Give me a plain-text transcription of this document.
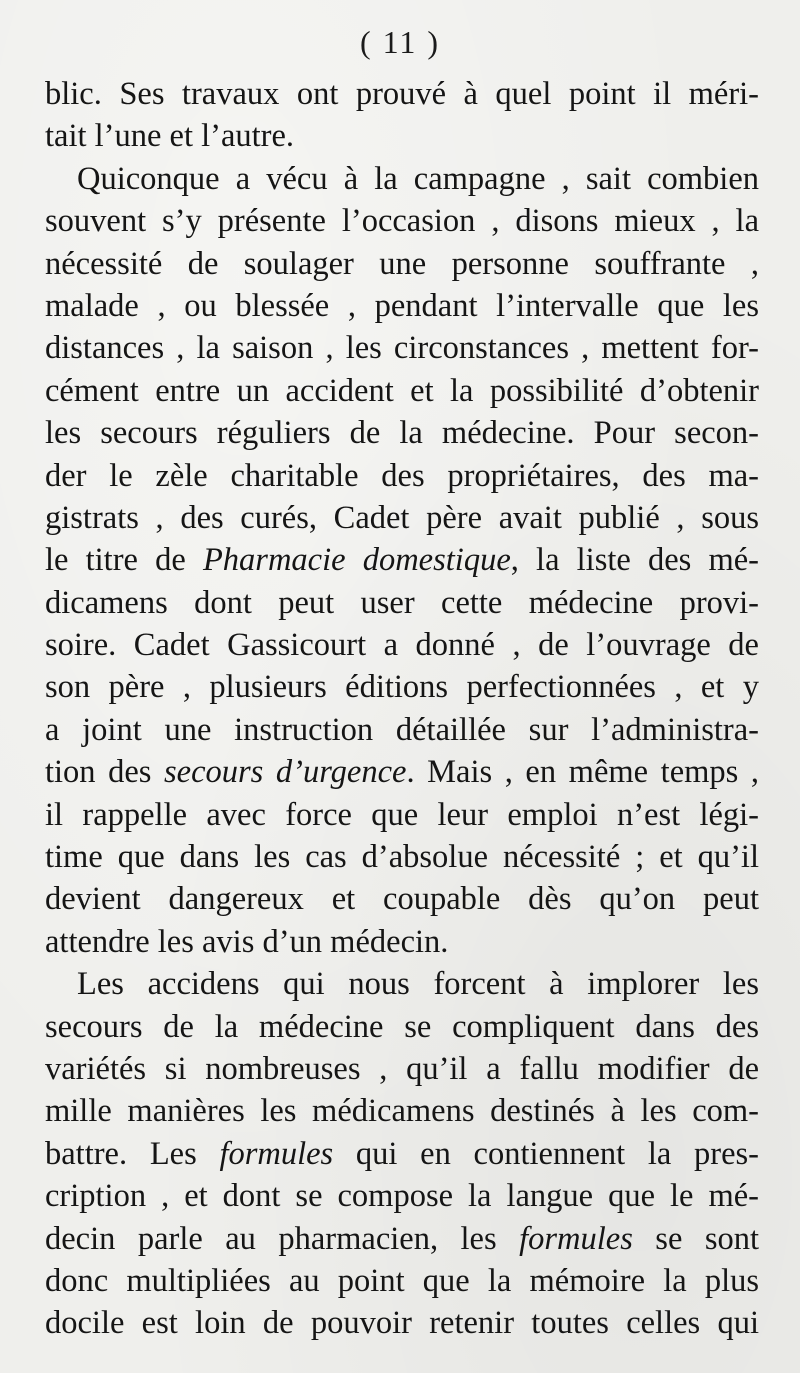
( 11 )
blic. Ses travaux ont prouvé à quel point il méri-
tait l’une et l’autre.
Quiconque a vécu à la campagne , sait combien
souvent s’y présente l’occasion , disons mieux , la
nécessité de soulager une personne souffrante ,
malade , ou blessée , pendant l’intervalle que les
distances , la saison , les circonstances , mettent for-
cément entre un accident et la possibilité d’obtenir
les secours réguliers de la médecine. Pour secon-
der le zèle charitable des propriétaires, des ma-
gistrats , des curés, Cadet père avait publié , sous
le titre de Pharmacie domestique, la liste des mé-
dicamens dont peut user cette médecine provi-
soire. Cadet Gassicourt a donné , de l’ouvrage de
son père , plusieurs éditions perfectionnées , et y
a joint une instruction détaillée sur l’administra-
tion des secours d’urgence. Mais , en même temps ,
il rappelle avec force que leur emploi n’est légi-
time que dans les cas d’absolue nécessité ; et qu’il
devient dangereux et coupable dès qu’on peut
attendre les avis d’un médecin.
Les accidens qui nous forcent à implorer les
secours de la médecine se compliquent dans des
variétés si nombreuses , qu’il a fallu modifier de
mille manières les médicamens destinés à les com-
battre. Les formules qui en contiennent la pres-
cription , et dont se compose la langue que le mé-
decin parle au pharmacien, les formules se sont
donc multipliées au point que la mémoire la plus
docile est loin de pouvoir retenir toutes celles qui
